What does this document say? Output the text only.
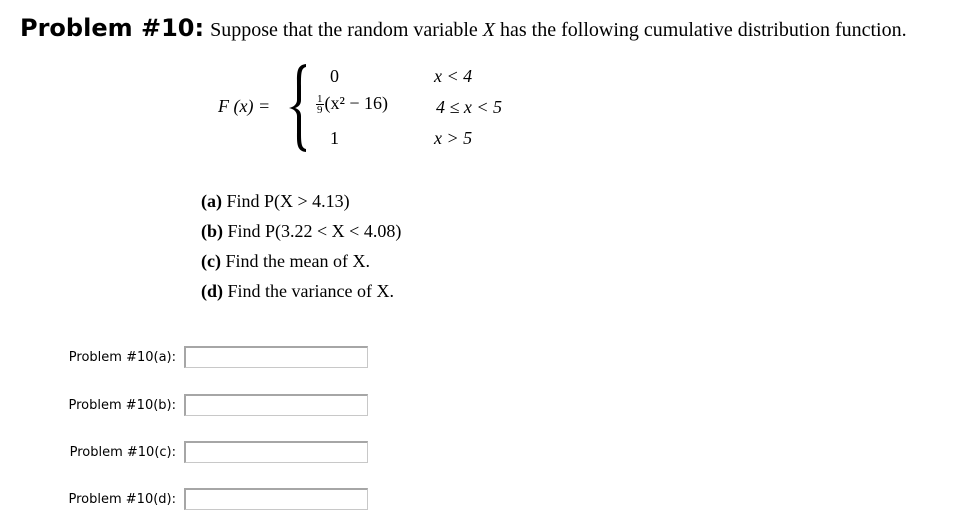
Problem #10: Suppose that the random variable X has the following cumulative distribution function.
F (x) =
0	x < 4
$\frac{1}{9} (x^2 - 16)$	4 ≤ x < 5
1	x > 5
(a) Find P(X > 4.13)
(b) Find P(3.22 < X < 4.08)
(c) Find the mean of X.
(d) Find the variance of X.
Problem #10(a):
Problem #10(b):
Problem #10(c):
Problem #10(d):
